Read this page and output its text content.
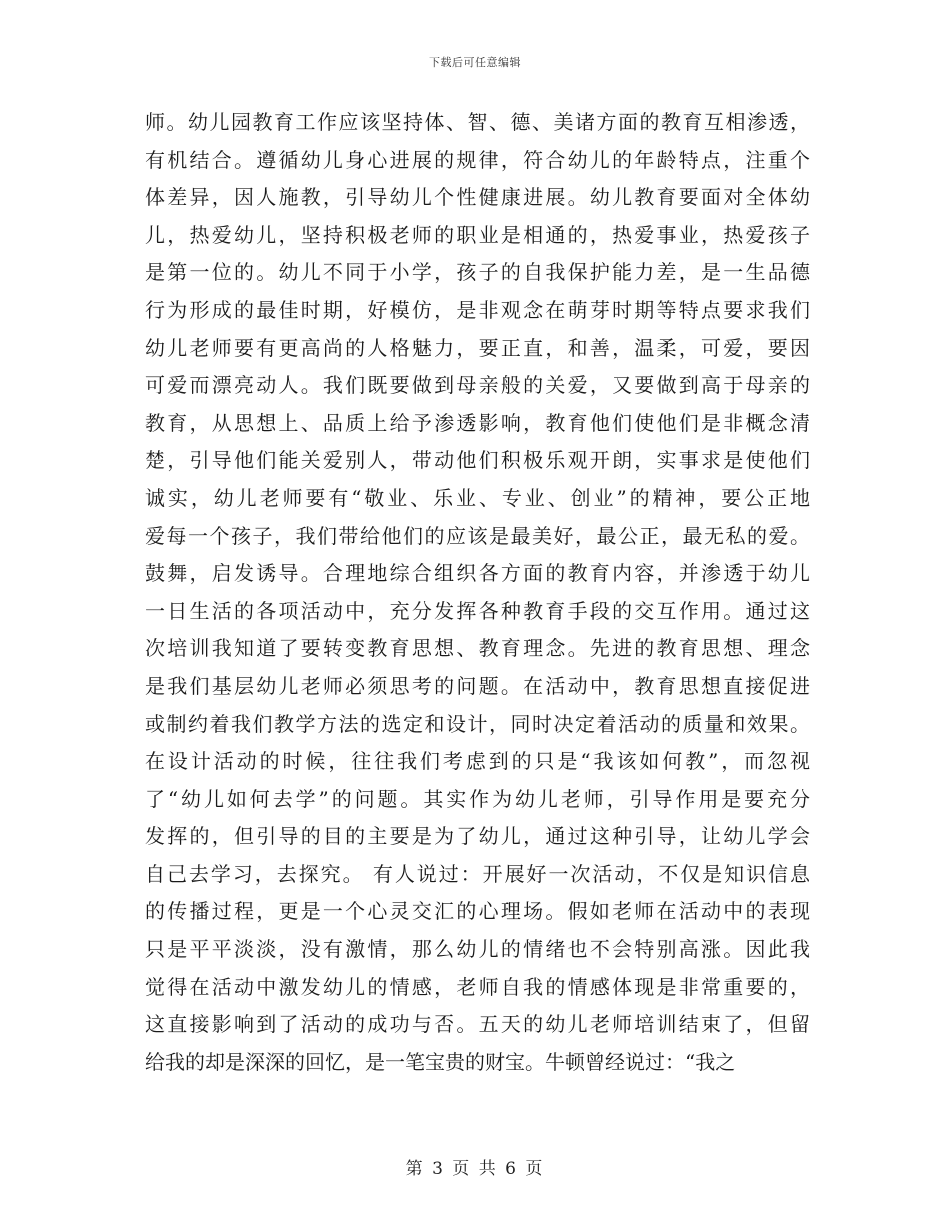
下载后可任意编辑
师。幼儿园教育工作应该坚持体、智、德、美诸方面的教育互相渗透，
有机结合。遵循幼儿身心进展的规律，符合幼儿的年龄特点，注重个
体差异，因人施教，引导幼儿个性健康进展。幼儿教育要面对全体幼
儿，热爱幼儿，坚持积极老师的职业是相通的，热爱事业，热爱孩子
是第一位的。幼儿不同于小学，孩子的自我保护能力差，是一生品德
行为形成的最佳时期，好模仿，是非观念在萌芽时期等特点要求我们
幼儿老师要有更高尚的人格魅力，要正直，和善，温柔，可爱，要因
可爱而漂亮动人。我们既要做到母亲般的关爱，又要做到高于母亲的
教育，从思想上、品质上给予渗透影响，教育他们使他们是非概念清
楚，引导他们能关爱别人，带动他们积极乐观开朗，实事求是使他们
诚实，幼儿老师要有“敬业、乐业、专业、创业”的精神，要公正地
爱每一个孩子，我们带给他们的应该是最美好，最公正，最无私的爱。
鼓舞，启发诱导。合理地综合组织各方面的教育内容，并渗透于幼儿
一日生活的各项活动中，充分发挥各种教育手段的交互作用。通过这
次培训我知道了要转变教育思想、教育理念。先进的教育思想、理念
是我们基层幼儿老师必须思考的问题。在活动中，教育思想直接促进
或制约着我们教学方法的选定和设计，同时决定着活动的质量和效果。
在设计活动的时候，往往我们考虑到的只是“我该如何教”，而忽视
了“幼儿如何去学”的问题。其实作为幼儿老师，引导作用是要充分
发挥的，但引导的目的主要是为了幼儿，通过这种引导，让幼儿学会
自己去学习，去探究。 有人说过：开展好一次活动，不仅是知识信息
的传播过程，更是一个心灵交汇的心理场。假如老师在活动中的表现
只是平平淡淡，没有激情，那么幼儿的情绪也不会特别高涨。因此我
觉得在活动中激发幼儿的情感，老师自我的情感体现是非常重要的，
这直接影响到了活动的成功与否。五天的幼儿老师培训结束了，但留
给我的却是深深的回忆，是一笔宝贵的财宝。牛顿曾经说过：“我之
第 3 页 共 6 页
